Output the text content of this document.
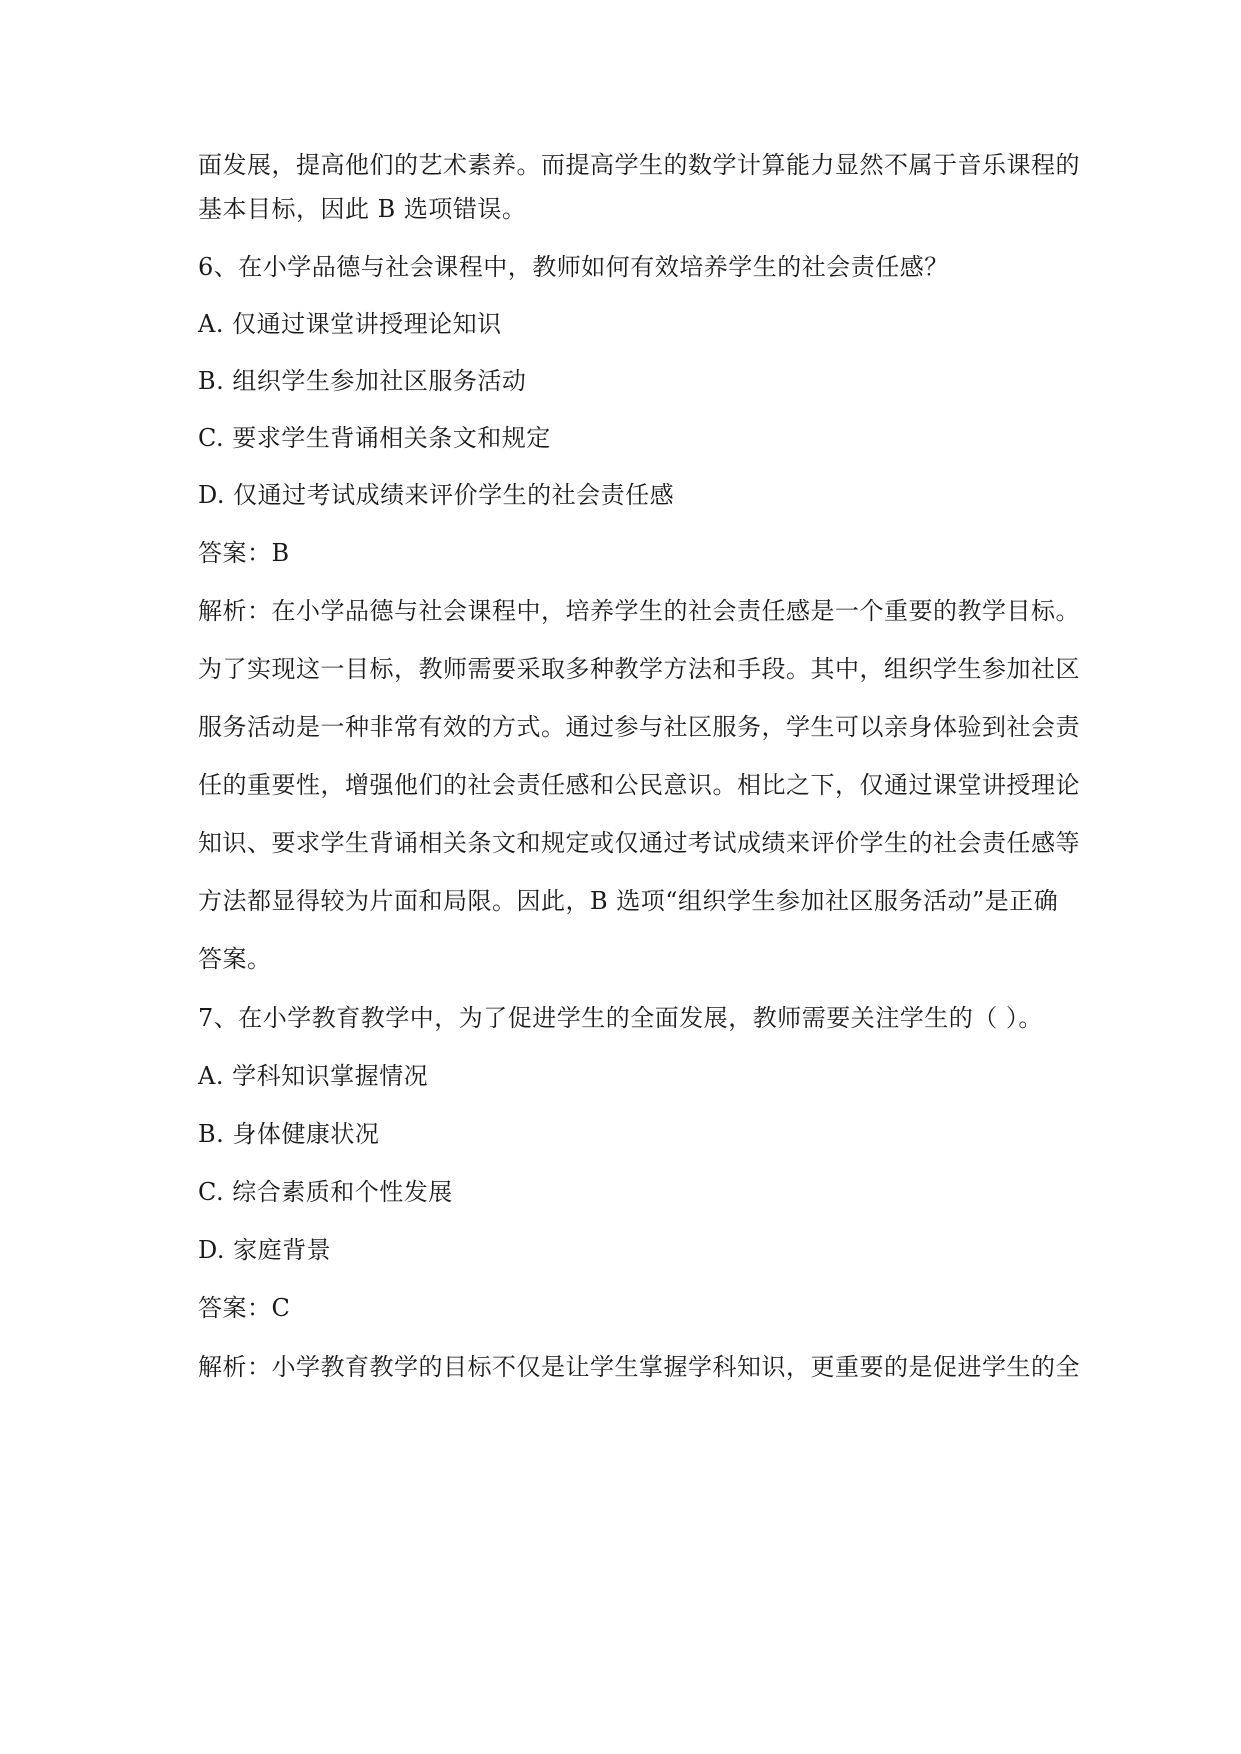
面发展，提高他们的艺术素养。而提高学生的数学计算能力显然不属于音乐课程的
基本目标，因此 B 选项错误。
6、在小学品德与社会课程中，教师如何有效培养学生的社会责任感？
A. 仅通过课堂讲授理论知识
B. 组织学生参加社区服务活动
C. 要求学生背诵相关条文和规定
D. 仅通过考试成绩来评价学生的社会责任感
答案：B
解析：在小学品德与社会课程中，培养学生的社会责任感是一个重要的教学目标。
为了实现这一目标，教师需要采取多种教学方法和手段。其中，组织学生参加社区
服务活动是一种非常有效的方式。通过参与社区服务，学生可以亲身体验到社会责
任的重要性，增强他们的社会责任感和公民意识。相比之下，仅通过课堂讲授理论
知识、要求学生背诵相关条文和规定或仅通过考试成绩来评价学生的社会责任感等
方法都显得较为片面和局限。因此，B 选项“组织学生参加社区服务活动”是正确
答案。
7、在小学教育教学中，为了促进学生的全面发展，教师需要关注学生的（ ）。
A. 学科知识掌握情况
B. 身体健康状况
C. 综合素质和个性发展
D. 家庭背景
答案：C
解析：小学教育教学的目标不仅是让学生掌握学科知识，更重要的是促进学生的全
